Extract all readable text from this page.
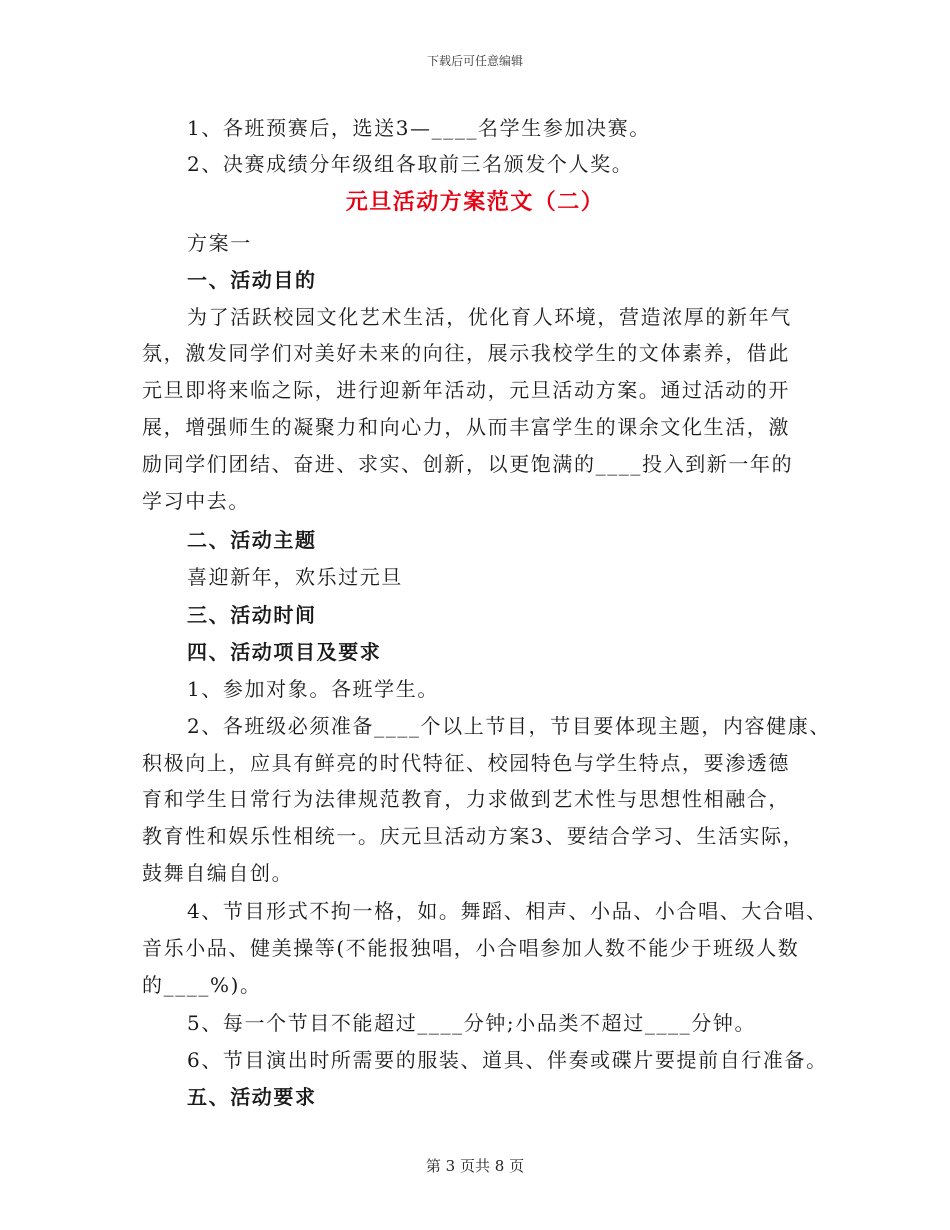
下载后可任意编辑
1、各班预赛后，选送3—____名学生参加决赛。
2、决赛成绩分年级组各取前三名颁发个人奖。
元旦活动方案范文（二）
方案一
一、活动目的
为了活跃校园文化艺术生活，优化育人环境，营造浓厚的新年气
氛，激发同学们对美好未来的向往，展示我校学生的文体素养，借此
元旦即将来临之际，进行迎新年活动，元旦活动方案。通过活动的开
展，增强师生的凝聚力和向心力，从而丰富学生的课余文化生活，激
励同学们团结、奋进、求实、创新，以更饱满的____投入到新一年的
学习中去。
二、活动主题
喜迎新年，欢乐过元旦
三、活动时间
四、活动项目及要求
1、参加对象。各班学生。
2、各班级必须准备____个以上节目，节目要体现主题，内容健康、
积极向上，应具有鲜亮的时代特征、校园特色与学生特点，要渗透德
育和学生日常行为法律规范教育，力求做到艺术性与思想性相融合，
教育性和娱乐性相统一。庆元旦活动方案3、要结合学习、生活实际，
鼓舞自编自创。
4、节目形式不拘一格，如。舞蹈、相声、小品、小合唱、大合唱、
音乐小品、健美操等(不能报独唱，小合唱参加人数不能少于班级人数
的____%)。
5、每一个节目不能超过____分钟;小品类不超过____分钟。
6、节目演出时所需要的服装、道具、伴奏或碟片要提前自行准备。
五、活动要求
第 3 页共 8 页
